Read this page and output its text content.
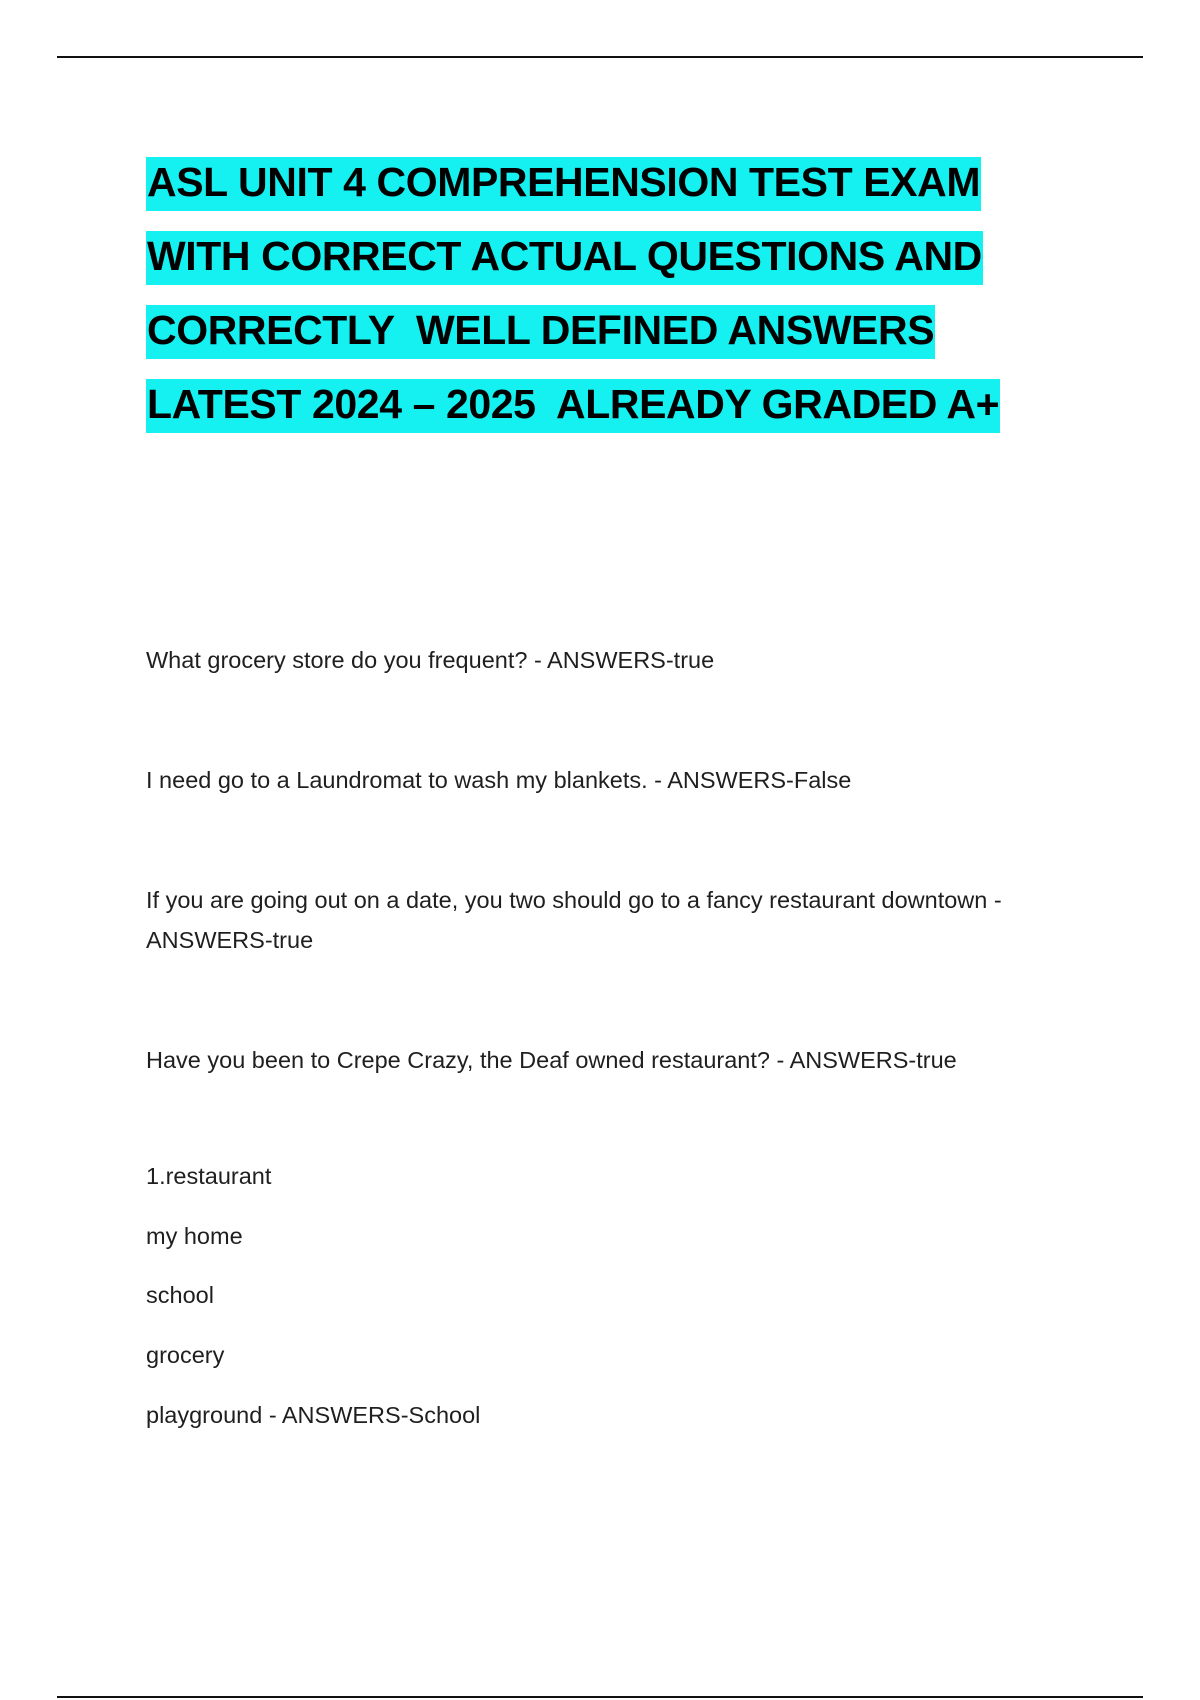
ASL UNIT 4 COMPREHENSION TEST EXAM
WITH CORRECT ACTUAL QUESTIONS AND
CORRECTLY  WELL DEFINED ANSWERS
LATEST 2024 – 2025  ALREADY GRADED A+

What grocery store do you frequent? - ANSWERS-true

I need go to a Laundromat to wash my blankets. - ANSWERS-False

If you are going out on a date, you two should go to a fancy restaurant downtown - ANSWERS-true

Have you been to Crepe Crazy, the Deaf owned restaurant? - ANSWERS-true

1.restaurant

my home

school

grocery

playground - ANSWERS-School
